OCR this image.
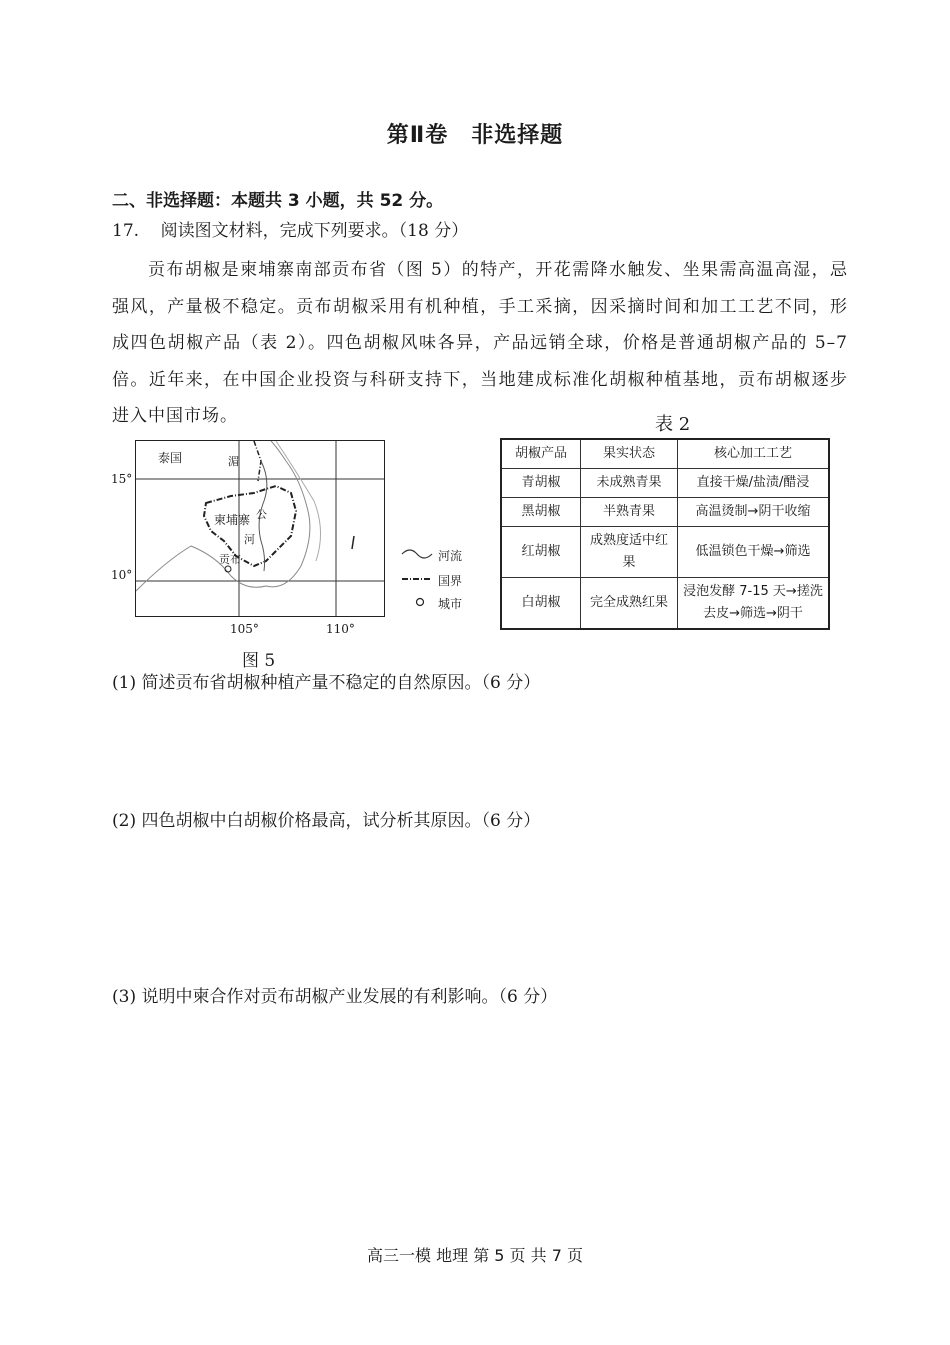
第Ⅱ卷　非选择题
二、非选择题：本题共 3 小题，共 52 分。
17. 阅读图文材料，完成下列要求。（18 分）
贡布胡椒是柬埔寨南部贡布省（图 5）的特产，开花需降水触发、坐果需高温高湿，忌强风，产量极不稳定。贡布胡椒采用有机种植，手工采摘，因采摘时间和加工工艺不同，形成四色胡椒产品（表 2）。四色胡椒风味各异，产品远销全球，价格是普通胡椒产品的 5–7 倍。近年来，在中国企业投资与科研支持下，当地建成标准化胡椒种植基地，贡布胡椒逐步进入中国市场。
泰国	湄
柬埔寨 公
河
贡布
15°
10°
105°	110°
河流
国界
城市
图 5
表 2
胡椒产品	果实状态	核心加工工艺
青胡椒	未成熟青果	直接干燥/盐渍/醋浸
黑胡椒	半熟青果	高温烫制→阴干收缩
红胡椒	成熟度适中红果	低温锁色干燥→筛选
白胡椒	完全成熟红果	浸泡发酵 7-15 天→搓洗去皮→筛选→阴干
(1) 简述贡布省胡椒种植产量不稳定的自然原因。（6 分）
(2) 四色胡椒中白胡椒价格最高，试分析其原因。（6 分）
(3) 说明中柬合作对贡布胡椒产业发展的有利影响。（6 分）
高三一模 地理 第 5 页 共 7 页
